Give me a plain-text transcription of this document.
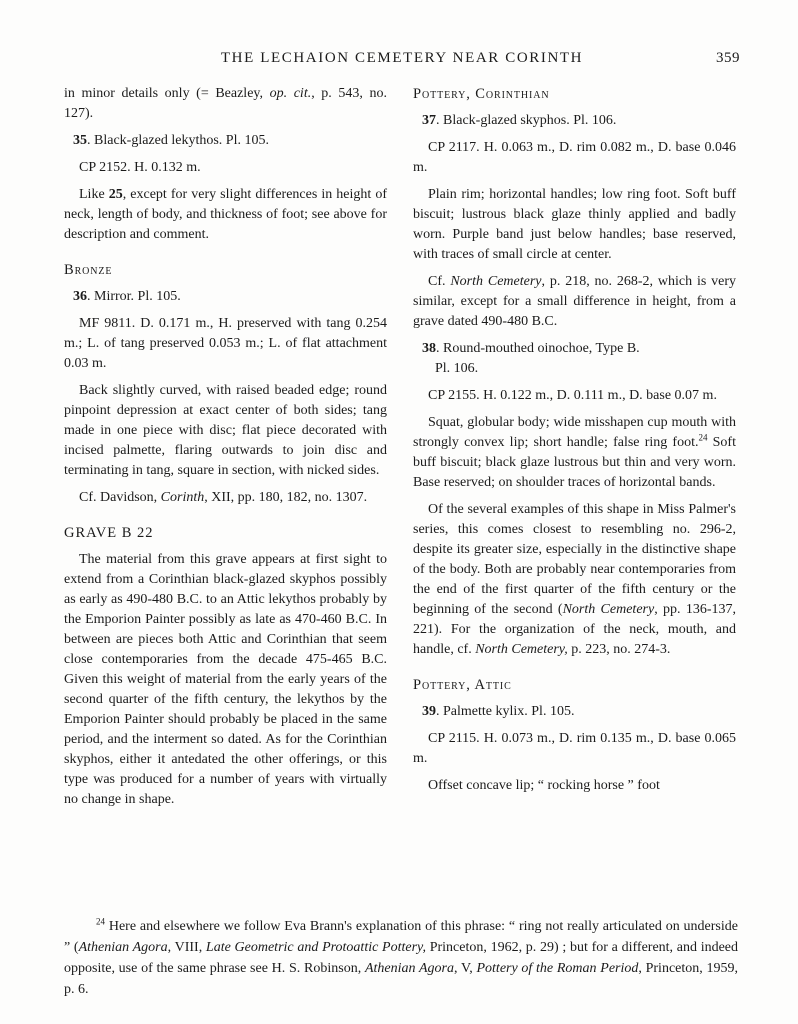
THE LECHAION CEMETERY NEAR CORINTH	359
in minor details only (= Beazley, op. cit., p. 543, no. 127).
35. Black-glazed lekythos. Pl. 105.
CP 2152. H. 0.132 m.
Like 25, except for very slight differences in height of neck, length of body, and thickness of foot; see above for description and comment.
Bronze
36. Mirror. Pl. 105.
MF 9811. D. 0.171 m., H. preserved with tang 0.254 m.; L. of tang preserved 0.053 m.; L. of flat attachment 0.03 m.
Back slightly curved, with raised beaded edge; round pinpoint depression at exact center of both sides; tang made in one piece with disc; flat piece decorated with incised palmette, flaring outwards to join disc and terminating in tang, square in section, with nicked sides.
Cf. Davidson, Corinth, XII, pp. 180, 182, no. 1307.
GRAVE B 22
The material from this grave appears at first sight to extend from a Corinthian black-glazed skyphos possibly as early as 490-480 B.C. to an Attic lekythos probably by the Emporion Painter possibly as late as 470-460 B.C. In between are pieces both Attic and Corinthian that seem close contemporaries from the decade 475-465 B.C. Given this weight of material from the early years of the second quarter of the fifth century, the lekythos by the Emporion Painter should probably be placed in the same period, and the interment so dated. As for the Corinthian skyphos, either it antedated the other offerings, or this type was produced for a number of years with virtually no change in shape.
Pottery, Corinthian
37. Black-glazed skyphos. Pl. 106.
CP 2117. H. 0.063 m., D. rim 0.082 m., D. base 0.046 m.
Plain rim; horizontal handles; low ring foot. Soft buff biscuit; lustrous black glaze thinly applied and badly worn. Purple band just below handles; base reserved, with traces of small circle at center.
Cf. North Cemetery, p. 218, no. 268-2, which is very similar, except for a small difference in height, from a grave dated 490-480 B.C.
38. Round-mouthed oinochoe, Type B.
Pl. 106.
CP 2155. H. 0.122 m., D. 0.111 m., D. base 0.07 m.
Squat, globular body; wide misshapen cup mouth with strongly convex lip; short handle; false ring foot.$^{24}$ Soft buff biscuit; black glaze lustrous but thin and very worn. Base reserved; on shoulder traces of horizontal bands.
Of the several examples of this shape in Miss Palmer's series, this comes closest to resembling no. 296-2, despite its greater size, especially in the distinctive shape of the body. Both are probably near contemporaries from the end of the first quarter of the fifth century or the beginning of the second (North Cemetery, pp. 136-137, 221). For the organization of the neck, mouth, and handle, cf. North Cemetery, p. 223, no. 274-3.
Pottery, Attic
39. Palmette kylix. Pl. 105.
CP 2115. H. 0.073 m., D. rim 0.135 m., D. base 0.065 m.
Offset concave lip; “ rocking horse ” foot
$^{24}$ Here and elsewhere we follow Eva Brann's explanation of this phrase: “ ring not really articulated on underside ” (Athenian Agora, VIII, Late Geometric and Protoattic Pottery, Princeton, 1962, p. 29) ; but for a different, and indeed opposite, use of the same phrase see H. S. Robinson, Athenian Agora, V, Pottery of the Roman Period, Princeton, 1959, p. 6.
